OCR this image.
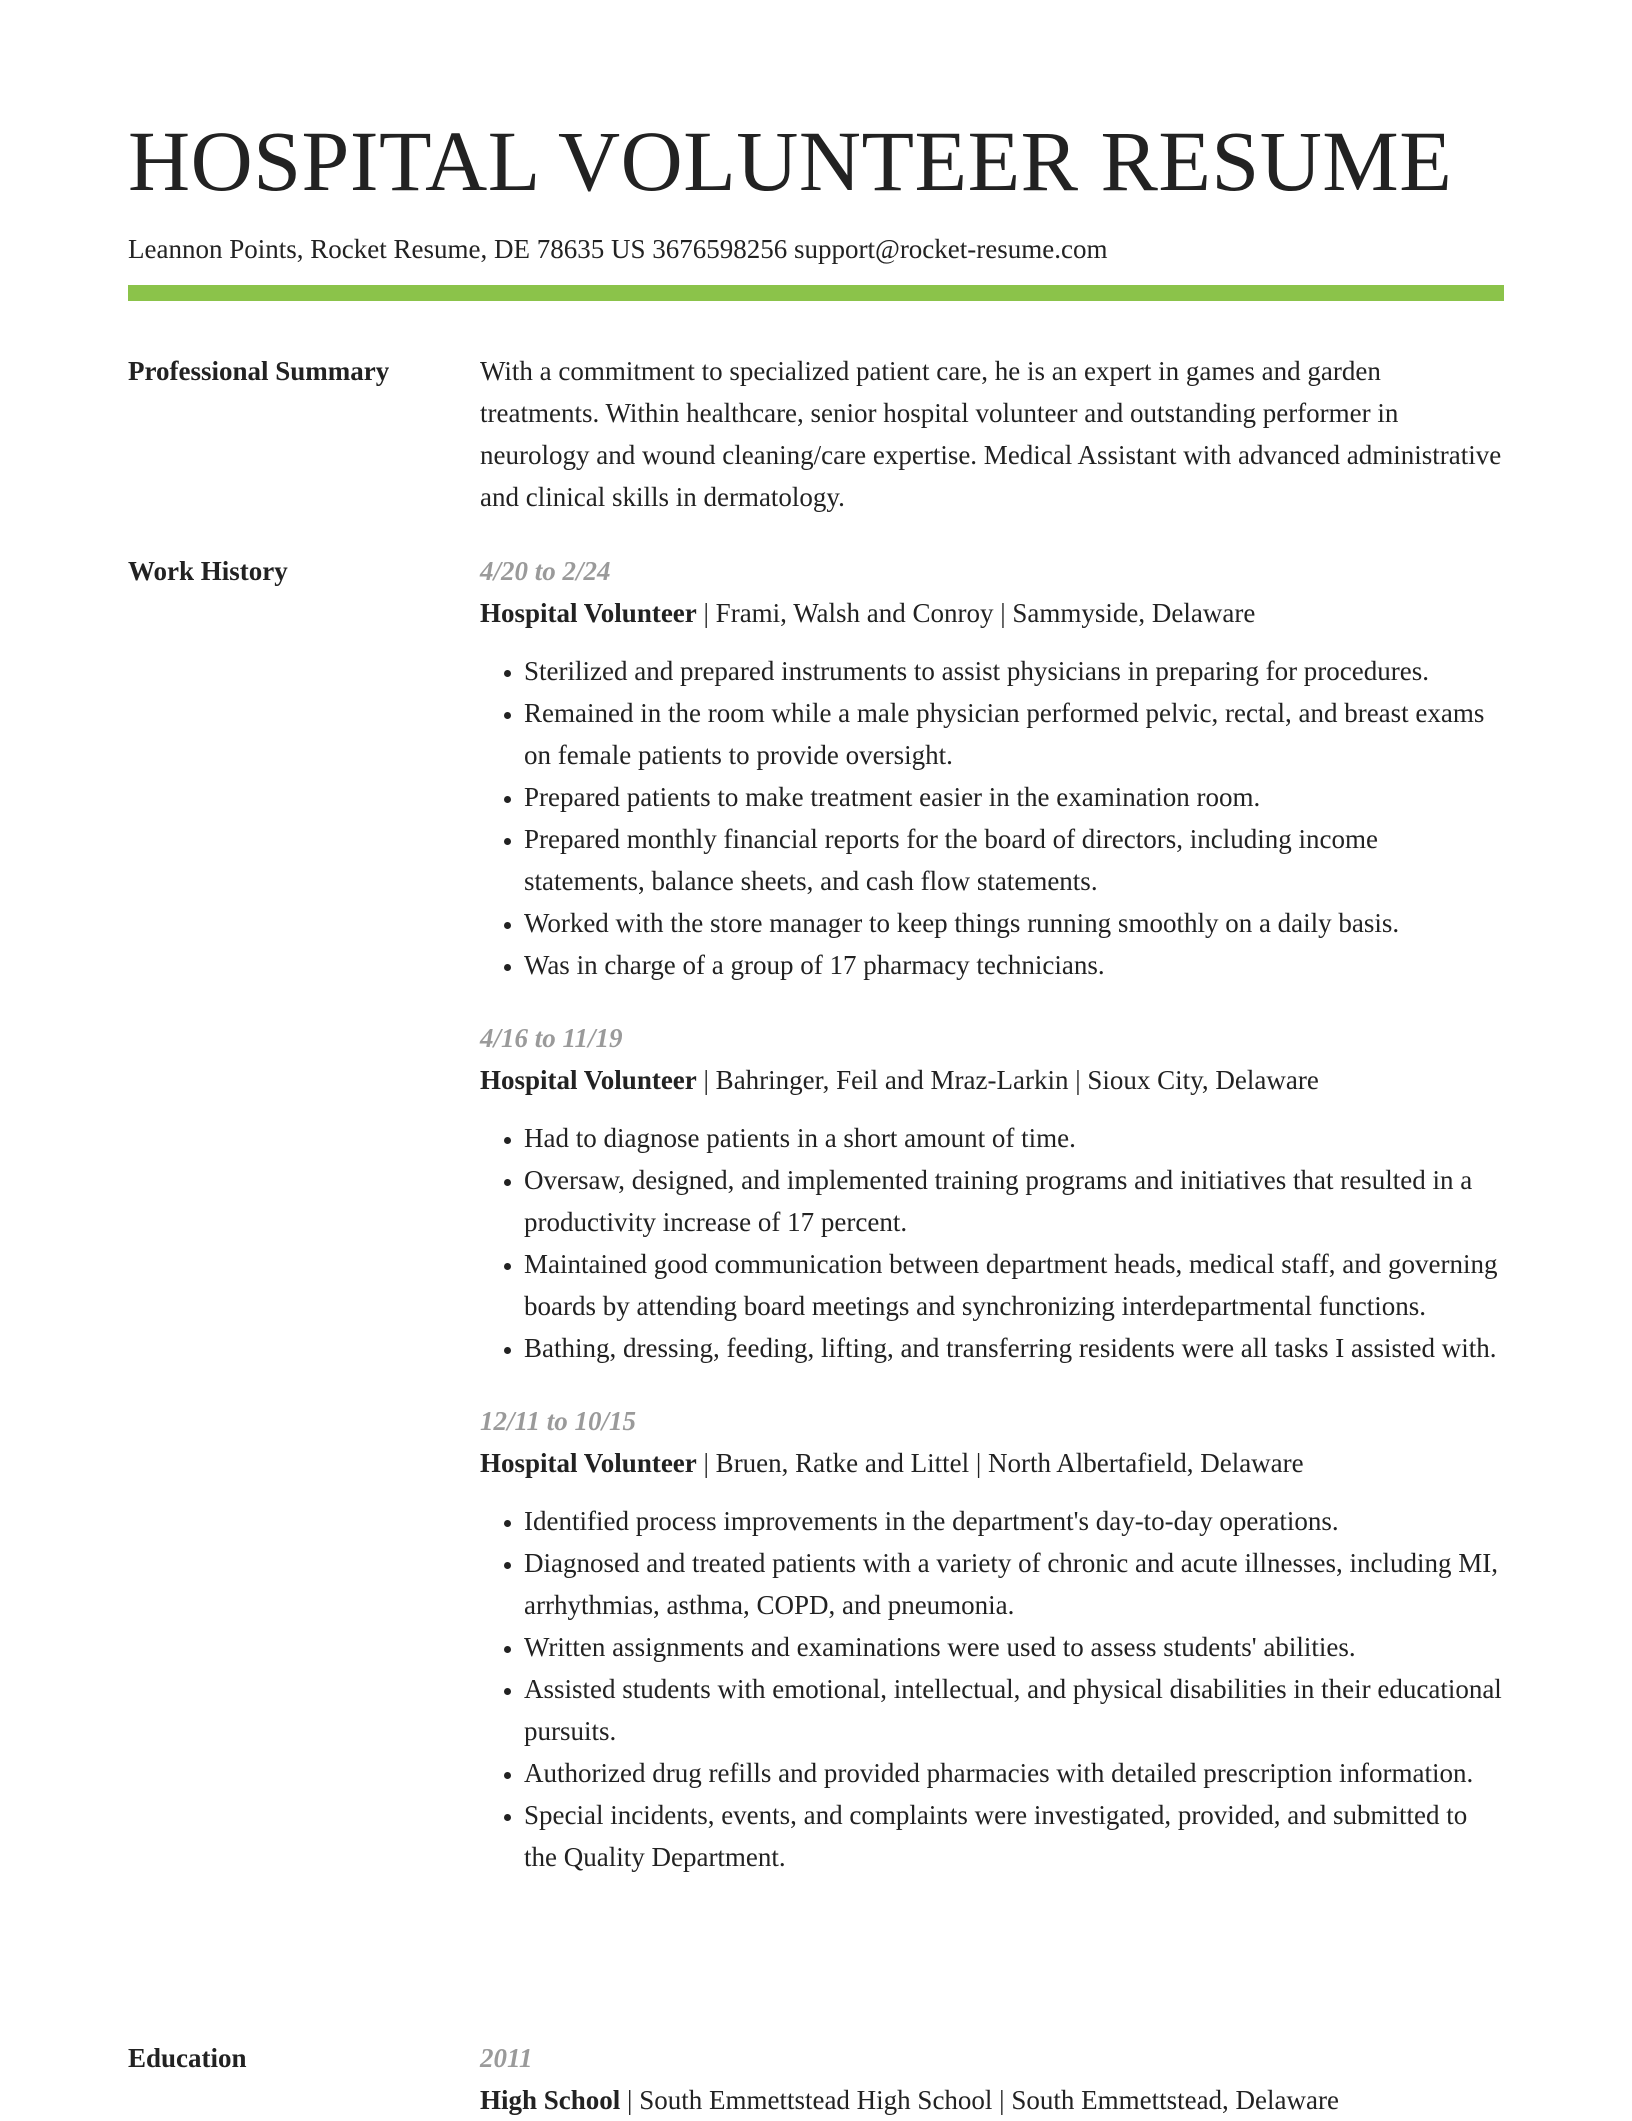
HOSPITAL VOLUNTEER RESUME
Leannon Points, Rocket Resume, DE 78635 US 3676598256 support@rocket-resume.com
Professional Summary	With a commitment to specialized patient care, he is an expert in games and garden treatments. Within healthcare, senior hospital volunteer and outstanding performer in neurology and wound cleaning/care expertise. Medical Assistant with advanced administrative and clinical skills in dermatology.

Work History	4/20 to 2/24
Hospital Volunteer | Frami, Walsh and Conroy | Sammyside, Delaware
• Sterilized and prepared instruments to assist physicians in preparing for procedures.
• Remained in the room while a male physician performed pelvic, rectal, and breast exams on female patients to provide oversight.
• Prepared patients to make treatment easier in the examination room.
• Prepared monthly financial reports for the board of directors, including income statements, balance sheets, and cash flow statements.
• Worked with the store manager to keep things running smoothly on a daily basis.
• Was in charge of a group of 17 pharmacy technicians.
4/16 to 11/19
Hospital Volunteer | Bahringer, Feil and Mraz-Larkin | Sioux City, Delaware
• Had to diagnose patients in a short amount of time.
• Oversaw, designed, and implemented training programs and initiatives that resulted in a productivity increase of 17 percent.
• Maintained good communication between department heads, medical staff, and governing boards by attending board meetings and synchronizing interdepartmental functions.
• Bathing, dressing, feeding, lifting, and transferring residents were all tasks I assisted with.
12/11 to 10/15
Hospital Volunteer | Bruen, Ratke and Littel | North Albertafield, Delaware
• Identified process improvements in the department's day-to-day operations.
• Diagnosed and treated patients with a variety of chronic and acute illnesses, including MI, arrhythmias, asthma, COPD, and pneumonia.
• Written assignments and examinations were used to assess students' abilities.
• Assisted students with emotional, intellectual, and physical disabilities in their educational pursuits.
• Authorized drug refills and provided pharmacies with detailed prescription information.
• Special incidents, events, and complaints were investigated, provided, and submitted to the Quality Department.
Education	2011
High School | South Emmettstead High School | South Emmettstead, Delaware
